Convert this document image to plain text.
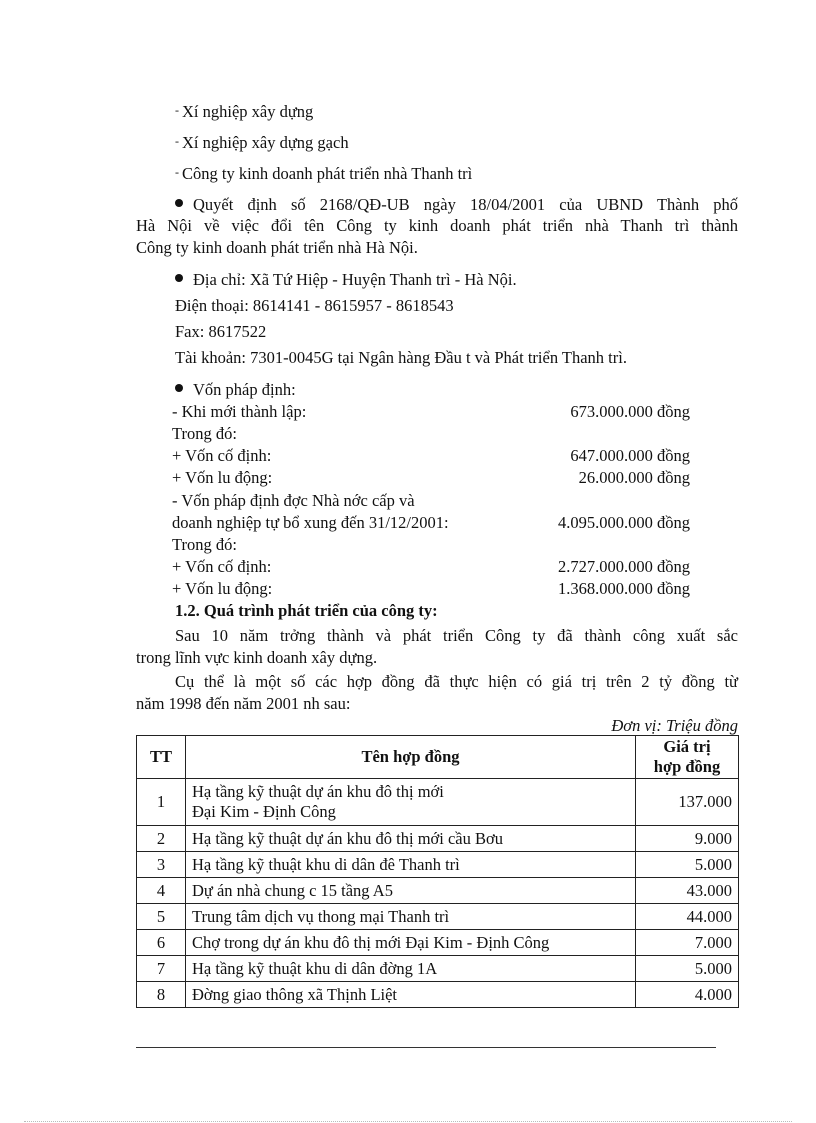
- Xí nghiệp xây dựng
- Xí nghiệp xây dựng gạch
- Công ty kinh doanh phát triển nhà Thanh trì
Quyết định số 2168/QĐ-UB ngày 18/04/2001 của UBND Thành phố
Hà Nội về việc đổi tên Công ty kinh doanh phát triển nhà Thanh trì thành
Công ty kinh doanh phát triển nhà Hà Nội.
Địa chỉ: Xã Tứ Hiệp - Huyện Thanh trì - Hà Nội.
Điện thoại: 8614141 - 8615957 - 8618543
Fax: 8617522
Tài khoản: 7301-0045G tại Ngân hàng Đầu t và Phát triển Thanh trì.
Vốn pháp định:
- Khi mới thành lập:	673.000.000 đồng
Trong đó:
+ Vốn cố định:	647.000.000 đồng
+ Vốn lu động:	26.000.000 đồng
- Vốn pháp định đợc Nhà nớc cấp và
doanh nghiệp tự bổ xung đến 31/12/2001:	4.095.000.000 đồng
Trong đó:
+ Vốn cố định:	2.727.000.000 đồng
+ Vốn lu động:	1.368.000.000 đồng
1.2. Quá trình phát triển của công ty:
Sau 10 năm trởng thành và phát triển Công ty đã thành công xuất sắc
trong lĩnh vực kinh doanh xây dựng.
Cụ thể là một số các hợp đồng đã thực hiện có giá trị trên 2 tỷ đồng từ
năm 1998 đến năm 2001 nh sau:
Đơn vị: Triệu đồng
TT	Tên hợp đồng	Giá trị
hợp đồng

1	Hạ tầng kỹ thuật dự án khu đô thị mới
Đại Kim - Định Công	137.000
2	Hạ tầng kỹ thuật dự án khu đô thị mới cầu Bơu	9.000
3	Hạ tầng kỹ thuật khu di dân đê Thanh trì	5.000
4	Dự án nhà chung c 15 tầng A5	43.000
5	Trung tâm dịch vụ thong mại Thanh trì	44.000
6	Chợ trong dự án khu đô thị mới Đại Kim - Định Công	7.000
7	Hạ tầng kỹ thuật khu di dân đờng 1A	5.000
8	Đờng giao thông xã Thịnh Liệt	4.000
